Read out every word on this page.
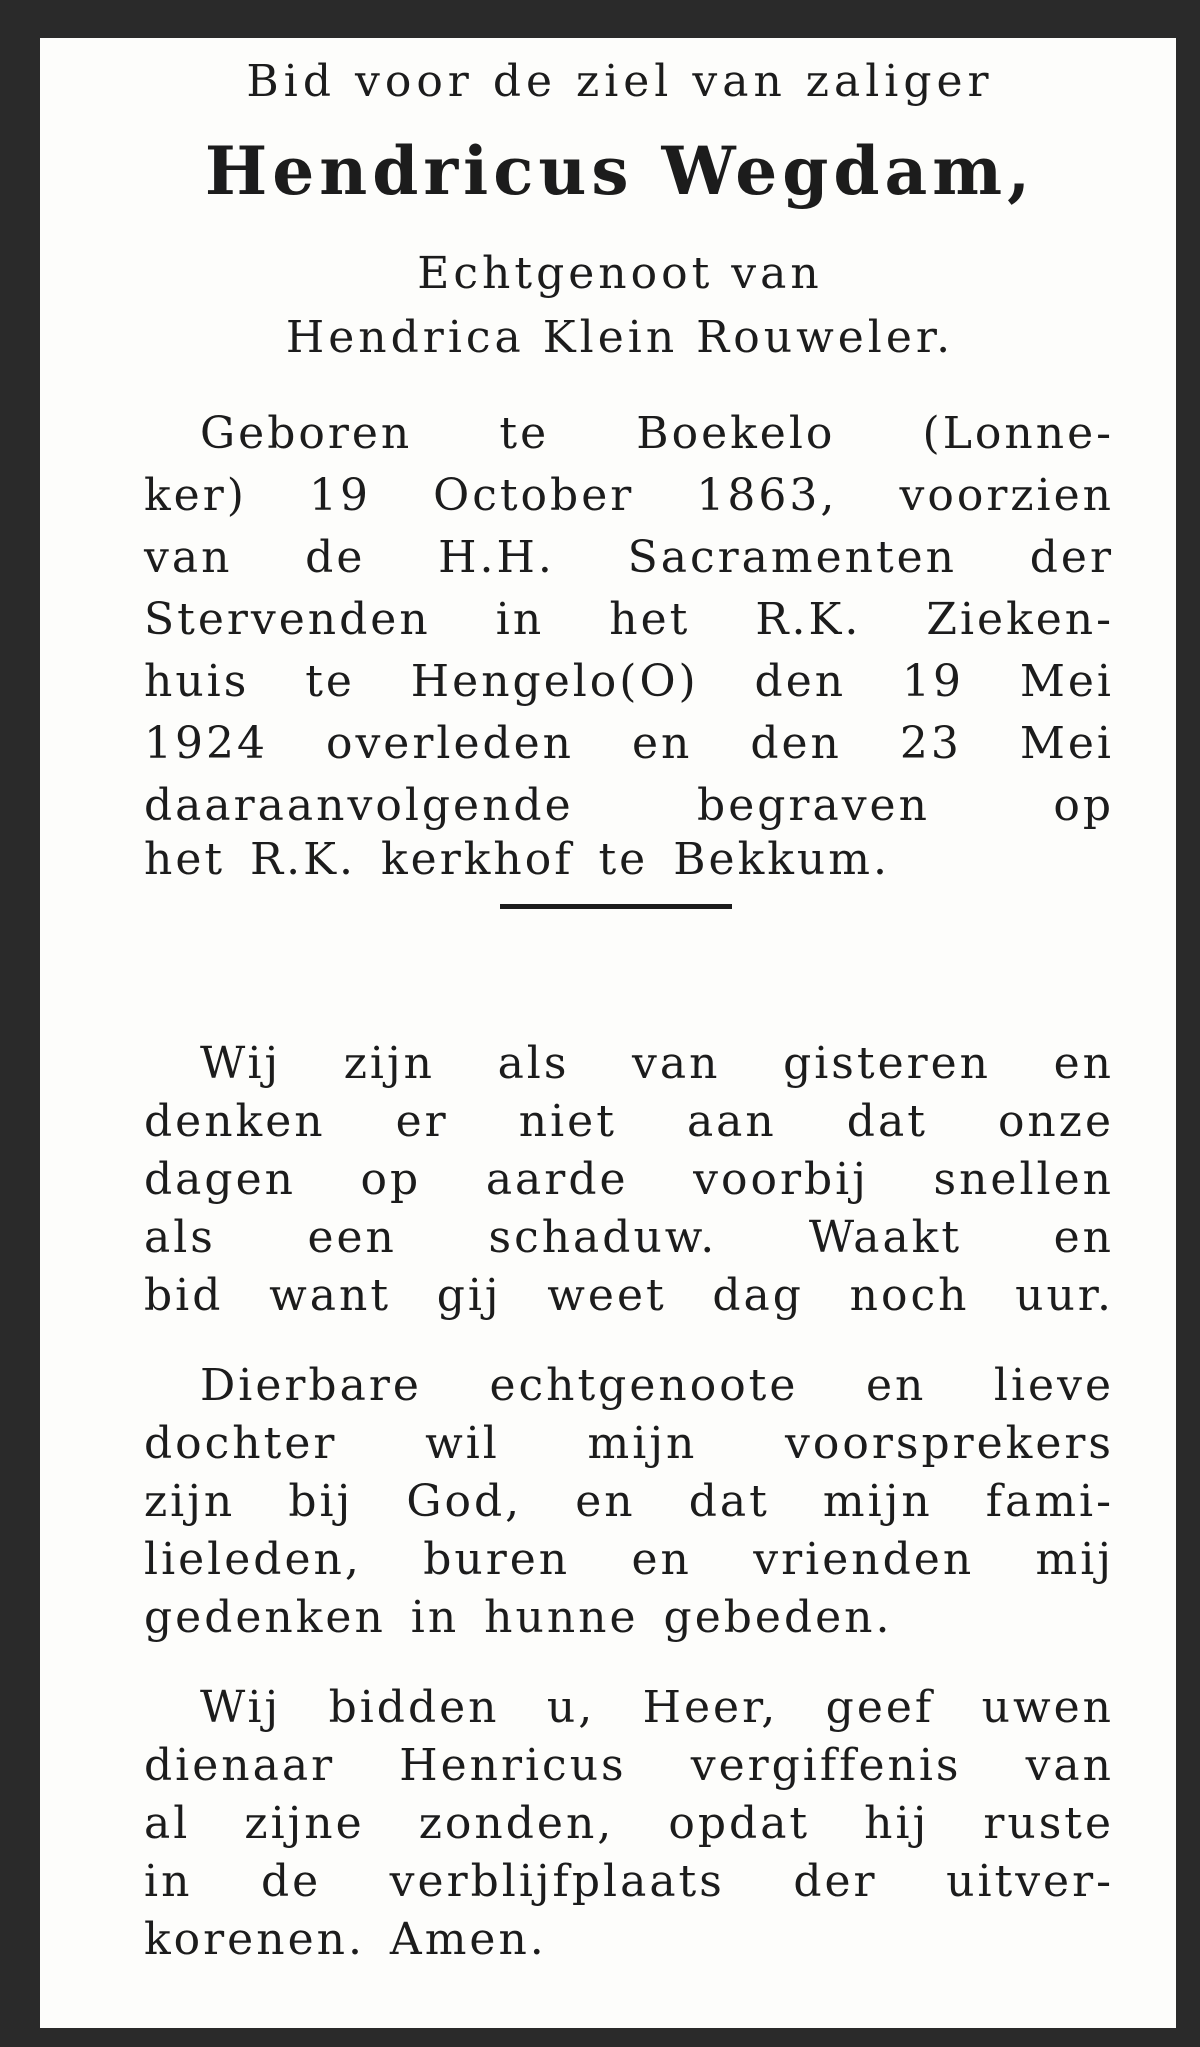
Bid voor de ziel van zaliger
Hendricus Wegdam,
Echtgenoot van
Hendrica Klein Rouweler.
Geboren te Boekelo (Lonne-
ker) 19 October 1863, voorzien
van de H.H. Sacramenten der
Stervenden in het R.K. Zieken-
huis te Hengelo(O) den 19 Mei
1924 overleden en den 23 Mei
daaraanvolgende begraven op
het R.K. kerkhof te Bekkum.
Wij zijn als van gisteren en
denken er niet aan dat onze
dagen op aarde voorbij snellen
als een schaduw. Waakt en
bid want gij weet dag noch uur.
Dierbare echtgenoote en lieve
dochter wil mijn voorsprekers
zijn bij God, en dat mijn fami-
lieleden, buren en vrienden mij
gedenken in hunne gebeden.
Wij bidden u, Heer, geef uwen
dienaar Henricus vergiffenis van
al zijne zonden, opdat hij ruste
in de verblijfplaats der uitver-
korenen. Amen.
